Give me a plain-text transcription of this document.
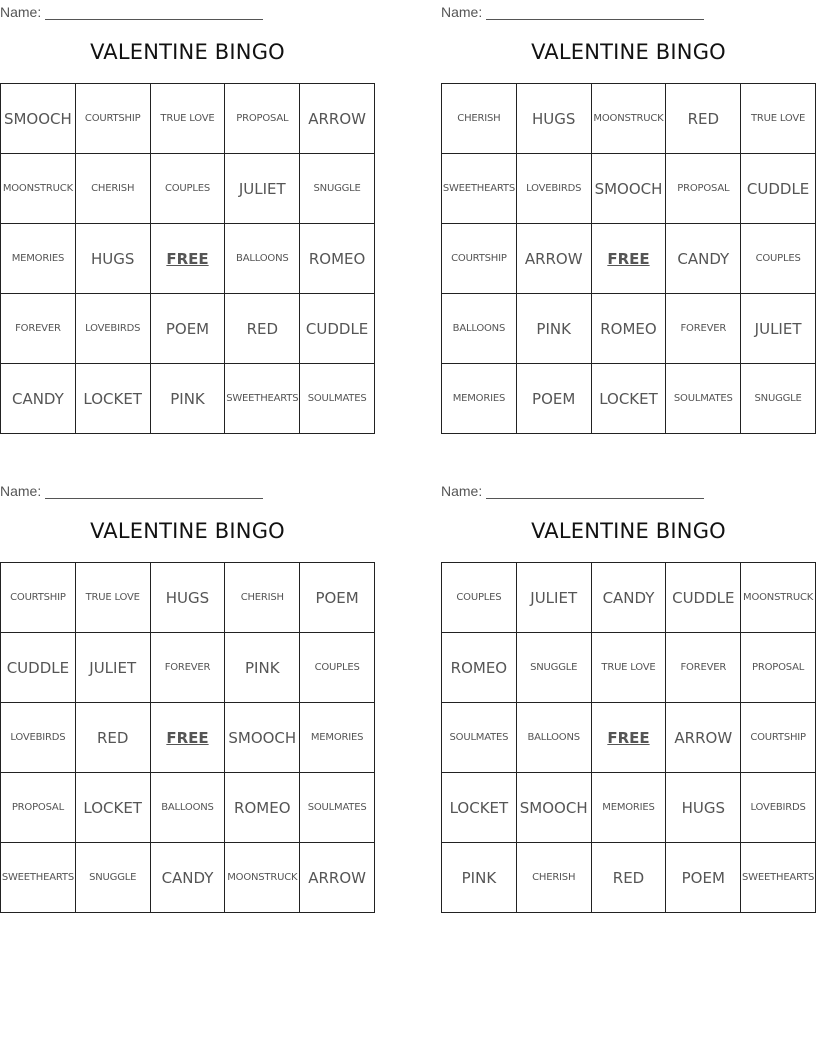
Name:
VALENTINE BINGO
SMOOCH	COURTSHIP	TRUE LOVE	PROPOSAL	ARROW
MOONSTRUCK	CHERISH	COUPLES	JULIET	SNUGGLE
MEMORIES	HUGS	FREE	BALLOONS	ROMEO
FOREVER	LOVEBIRDS	POEM	RED	CUDDLE
CANDY	LOCKET	PINK	SWEETHEARTS	SOULMATES
Name:
VALENTINE BINGO
CHERISH	HUGS	MOONSTRUCK	RED	TRUE LOVE
SWEETHEARTS	LOVEBIRDS	SMOOCH	PROPOSAL	CUDDLE
COURTSHIP	ARROW	FREE	CANDY	COUPLES
BALLOONS	PINK	ROMEO	FOREVER	JULIET
MEMORIES	POEM	LOCKET	SOULMATES	SNUGGLE
Name:
VALENTINE BINGO
COURTSHIP	TRUE LOVE	HUGS	CHERISH	POEM
CUDDLE	JULIET	FOREVER	PINK	COUPLES
LOVEBIRDS	RED	FREE	SMOOCH	MEMORIES
PROPOSAL	LOCKET	BALLOONS	ROMEO	SOULMATES
SWEETHEARTS	SNUGGLE	CANDY	MOONSTRUCK	ARROW
Name:
VALENTINE BINGO
COUPLES	JULIET	CANDY	CUDDLE	MOONSTRUCK
ROMEO	SNUGGLE	TRUE LOVE	FOREVER	PROPOSAL
SOULMATES	BALLOONS	FREE	ARROW	COURTSHIP
LOCKET	SMOOCH	MEMORIES	HUGS	LOVEBIRDS
PINK	CHERISH	RED	POEM	SWEETHEARTS
